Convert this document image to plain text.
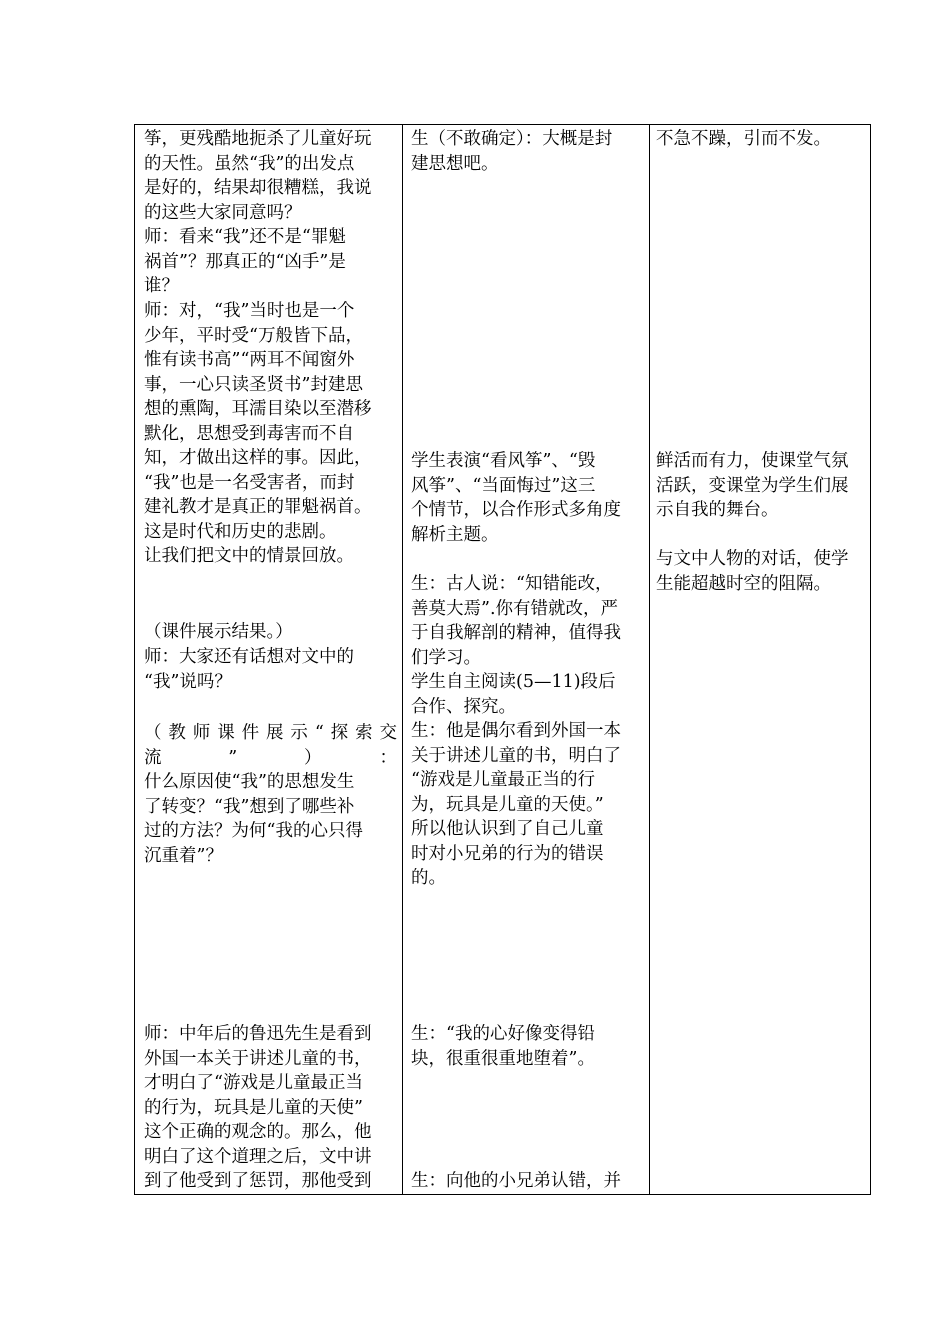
筝，更残酷地扼杀了儿童好玩
的天性。虽然“我”的出发点
是好的，结果却很糟糕，我说
的这些大家同意吗？

师：看来“我”还不是“罪魁
祸首”？那真正的“凶手”是
谁？

师：对，“我”当时也是一个
少年，平时受“万般皆下品，
惟有读书高”“两耳不闻窗外
事，一心只读圣贤书”封建思
想的熏陶，耳濡目染以至潜移
默化，思想受到毒害而不自
知，才做出这样的事。因此，
“我”也是一名受害者，而封
建礼教才是真正的罪魁祸首。
这是时代和历史的悲剧。

让我们把文中的情景回放。

（课件展示结果。）

师：大家还有话想对文中的
“我”说吗？

（教师课件展示“探索交
流”）：

什么原因使“我”的思想发生
了转变？“我”想到了哪些补
过的方法？为何“我的心只得
沉重着”？

师：中年后的鲁迅先生是看到
外国一本关于讲述儿童的书，
才明白了“游戏是儿童最正当
的行为，玩具是儿童的天使”
这个正确的观念的。那么，他
明白了这个道理之后，文中讲
到了他受到了惩罚，那他受到

生（不敢确定）：大概是封
建思想吧。

学生表演“看风筝”、“毁
风筝”、“当面悔过”这三
个情节，以合作形式多角度
解析主题。

生：古人说：“知错能改，
善莫大焉”.你有错就改，严
于自我解剖的精神，值得我
们学习。

学生自主阅读(5—11)段后
合作、探究。

生：他是偶尔看到外国一本
关于讲述儿童的书，明白了
“游戏是儿童最正当的行
为，玩具是儿童的天使。”
所以他认识到了自己儿童
时对小兄弟的行为的错误
的。

生：“我的心好像变得铅
块，很重很重地堕着”。

生：向他的小兄弟认错，并

不急不躁，引而不发。

鲜活而有力，使课堂气氛
活跃，变课堂为学生们展
示自我的舞台。

与文中人物的对话，使学
生能超越时空的阻隔。
